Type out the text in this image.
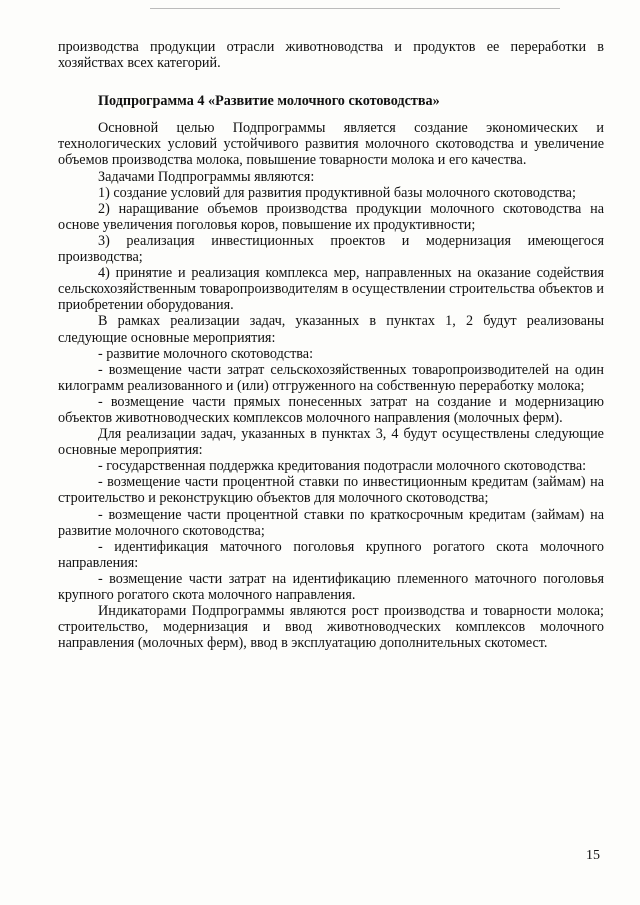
производства продукции отрасли животноводства и продуктов ее переработки в хозяйствах всех категорий.

Подпрограмма 4 «Развитие молочного скотоводства»

Основной целью Подпрограммы является создание экономических и технологических условий устойчивого развития молочного скотоводства и увеличение объемов производства молока, повышение товарности молока и его качества.

Задачами Подпрограммы являются:

1) создание условий для развития продуктивной базы молочного скотоводства;

2) наращивание объемов производства продукции молочного скотоводства на основе увеличения поголовья коров, повышение их продуктивности;

3) реализация инвестиционных проектов и модернизация имеющегося производства;

4) принятие и реализация комплекса мер, направленных на оказание содействия сельскохозяйственным товаропроизводителям в осуществлении строительства объектов и приобретении оборудования.

В рамках реализации задач, указанных в пунктах 1, 2 будут реализованы следующие основные мероприятия:

- развитие молочного скотоводства:

- возмещение части затрат сельскохозяйственных товаропроизводителей на один килограмм реализованного и (или) отгруженного на собственную переработку молока;

- возмещение части прямых понесенных затрат на создание и модернизацию объектов животноводческих комплексов молочного направления (молочных ферм).

Для реализации задач, указанных в пунктах 3, 4 будут осуществлены следующие основные мероприятия:

- государственная поддержка кредитования подотрасли молочного скотоводства:

- возмещение части процентной ставки по инвестиционным кредитам (займам) на строительство и реконструкцию объектов для молочного скотоводства;

- возмещение части процентной ставки по краткосрочным кредитам (займам) на развитие молочного скотоводства;

- идентификация маточного поголовья крупного рогатого скота молочного направления:

- возмещение части затрат на идентификацию племенного маточного поголовья крупного рогатого скота молочного направления.

Индикаторами Подпрограммы являются рост производства и товарности молока; строительство, модернизация и ввод животноводческих комплексов молочного направления (молочных ферм), ввод в эксплуатацию дополнительных скотомест.

15
